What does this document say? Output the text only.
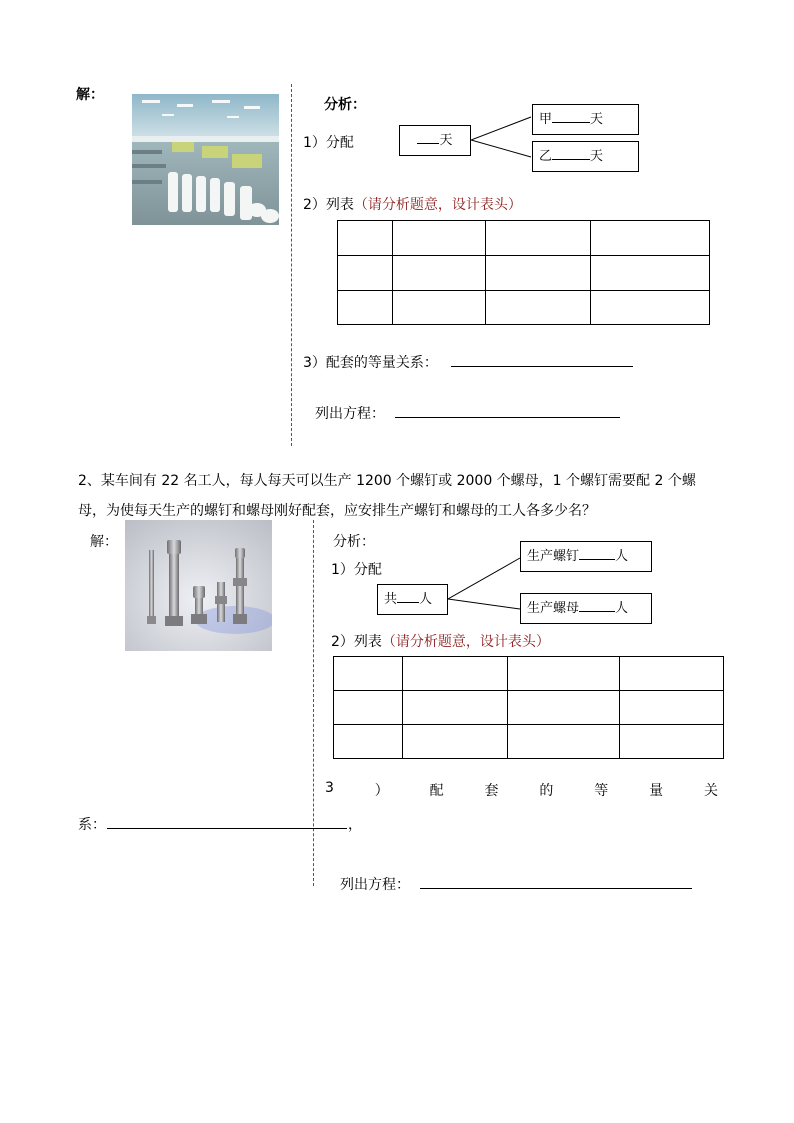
解：
分析：
1）分配	天
甲	天
乙	天
2）列表（请分析题意，设计表头）

3）配套的等量关系：
列出方程：
2、某车间有 22 名工人，每人每天可以生产 1200 个螺钉或 2000 个螺母，1 个螺钉需要配 2 个螺母，为使每天生产的螺钉和螺母刚好配套，应安排生产螺钉和螺母的工人各多少名？
解：	分析：
1）分配
共 人
生产螺钉	人
生产螺母	人
2）列表（请分析题意，设计表头）

3	）	配	套	的	等	量	关
系：	，
列出方程：
